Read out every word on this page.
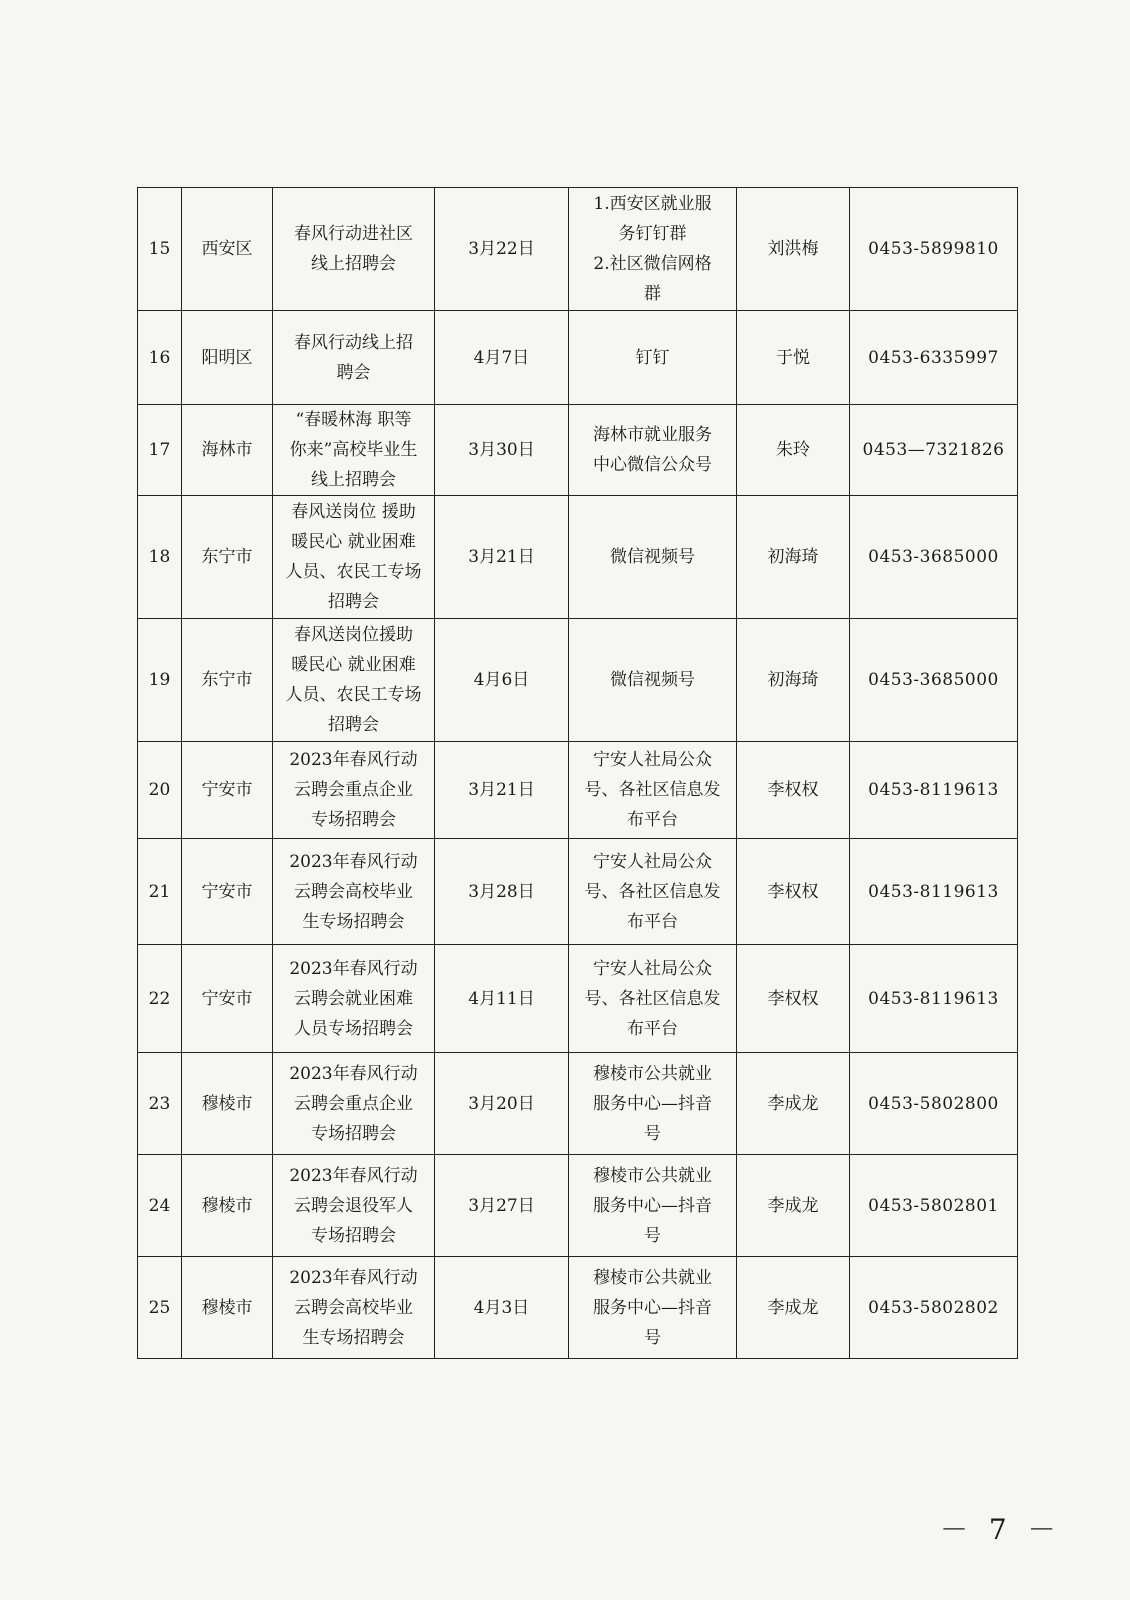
15	西安区	春风行动进社区
线上招聘会	3月22日	1.西安区就业服
务钉钉群
2.社区微信网格
群	刘洪梅	0453-5899810
16	阳明区	春风行动线上招
聘会	4月7日	钉钉	于悦	0453-6335997
17	海林市	“春暖林海 职等
你来”高校毕业生
线上招聘会	3月30日	海林市就业服务
中心微信公众号	朱玲	0453—7321826
18	东宁市	春风送岗位 援助
暖民心 就业困难
人员、农民工专场
招聘会	3月21日	微信视频号	初海琦	0453-3685000
19	东宁市	春风送岗位援助
暖民心 就业困难
人员、农民工专场
招聘会	4月6日	微信视频号	初海琦	0453-3685000
20	宁安市	2023年春风行动
云聘会重点企业
专场招聘会	3月21日	宁安人社局公众
号、各社区信息发
布平台	李权权	0453-8119613
21	宁安市	2023年春风行动
云聘会高校毕业
生专场招聘会	3月28日	宁安人社局公众
号、各社区信息发
布平台	李权权	0453-8119613
22	宁安市	2023年春风行动
云聘会就业困难
人员专场招聘会	4月11日	宁安人社局公众
号、各社区信息发
布平台	李权权	0453-8119613
23	穆棱市	2023年春风行动
云聘会重点企业
专场招聘会	3月20日	穆棱市公共就业
服务中心—抖音
号	李成龙	0453-5802800
24	穆棱市	2023年春风行动
云聘会退役军人
专场招聘会	3月27日	穆棱市公共就业
服务中心—抖音
号	李成龙	0453-5802801
25	穆棱市	2023年春风行动
云聘会高校毕业
生专场招聘会	4月3日	穆棱市公共就业
服务中心—抖音
号	李成龙	0453-5802802
－ 7 －
